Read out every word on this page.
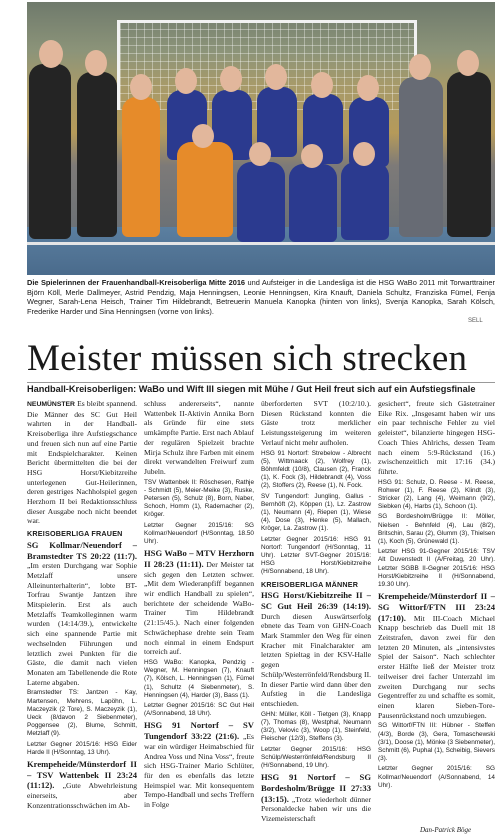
Die Spielerinnen der Frauenhandball-Kreisoberliga Mitte 2016 und Aufsteiger in die Landesliga ist die HSG WaBo 2011 mit Torwarttrainer Björn Köll, Merle Dallmeyer, Astrid Pendzig, Maja Henningsen, Leonie Henningsen, Kira Knauft, Daniela Schultz, Franziska Fümel, Fenja Wegner, Sarah-Lena Heisch, Trainer Tim Hildebrandt, Betreuerin Manuela Kanopka (hinten von links), Svenja Kanopka, Sarah Kölsch, Frederike Harder und Sina Henningsen (vorne von links).
SELL
Meister müssen sich strecken
Handball-Kreisoberligen: WaBo und Wift III siegen mit Mühe / Gut Heil freut sich auf ein Aufstiegsfinale

NEUMÜNSTER Es bleibt spannend. Die Männer des SC Gut Heil wahrten in der Handball-Kreisoberliga ihre Aufstiegschance und freuen sich nun auf eine Partie mit Endspielcharakter. Keinen Bericht übermittelten die bei der HSG Horst/Kiebitzreihe unterlegenen Gut-Heilerinnen, deren gestriges Nachholspiel gegen Herzhorn II bei Redaktionsschluss dieser Ausgabe noch nicht beendet war.

KREISOBERLIGA FRAUEN

SG Kollmar/Neuendorf – Bramstedter TS 20:22 (11:7). „Im ersten Durchgang war Sophie Metzlaff unsere Alleinunterhalterin“, lobte BT-Torfrau Swantje Jantzen ihre Mitspielerin. Erst als auch Metzlaffs Teamkolleginnen warm wurden (14:14/39.), entwickelte sich eine spannende Partie mit wechselnden Führungen und letztlich zwei Punkten für die Gäste, die damit nach vielen Monaten am Tabellenende die Rote Laterne abgaben.

Bramstedter TS: Jantzen - Kay, Martensen, Mehrens, Lapöhn, L. Maczeyzik (2 Tore), S. Maczeyzik (1), Ueck (8/davon 2 Siebenmeter), Poggensee (2), Blume, Schmitt, Metzlaff (9).

Letzter Gegner 2015/16: HSG Eider Harde II (H/Sonntag, 13 Uhr).

Krempeheide/Münsterdorf II – TSV Wattenbek II 23:24 (11:12). „Gute Abwehrleistung einerseits, aber Konzentrationsschwächen im Ab-

schluss andererseits“, nannte Wattenbek II-Aktivin Annika Born als Gründe für eine stets umkämpfte Partie. Erst nach Ablauf der regulären Spielzeit brachte Mirja Schulz ihre Farben mit einem direkt verwandelten Freiwurf zum Jubeln.

TSV Wattenbek II: Röschesen, Rathje - Schmidt (5), Meier-Meike (3), Ruske, Petersen (5), Schulz (8), Born, Naber, Schoch, Homm (1), Rademacher (2), Kröger.

Letzter Gegner 2015/16: SG Kollmar/Neuendorf (H/Sonntag, 18.50 Uhr).

HSG WaBo – MTV Herzhorn II 28:23 (11:11). Der Meister tat sich gegen den Letzten schwer. „Mit dem Wiederanpfiff begannen wir endlich Handball zu spielen“, berichtete der scheidende WaBo-Trainer Tim Hildebrandt (21:15/45.). Nach einer folgenden Schwächephase drehte sein Team noch einmal in einem Endspurt torreich auf.

HSG WaBo: Kanopka, Pendzig - Wegner, M. Henningsen (7), Knauft (7), Kölsch, L. Henningsen (1), Fümel (1), Schultz (4 Siebenmeter), S. Henningsen (4), Harder (3), Bass (1).

Letzter Gegner 2015/16: SC Gut Heil (A/Sonnabend, 18 Uhr).

HSG 91 Nortorf – SV Tungendorf 33:22 (21:6). „Es war ein würdiger Heimabschied für Andrea Voss und Nina Voss“, freute sich HSG-Trainer Mario Schlüter, für den es ebenfalls das letzte Heimspiel war. Mit konsequentem Tempo-Handball und sechs Treffern in Folge

überforderten SVT (10:2/10.). Diesen Rückstand konnten die Gäste trotz merklicher Leistungssteigerung im weiteren Verlauf nicht mehr aufholen.

HSG 91 Nortorf: Strebelow - Albrecht (5), Wittmaack (2), Wolfrey (1), Böhmfeldt (10/8), Clausen (2), Franck (1), K. Fock (3), Hildebrandt (4), Voss (2), Stoffers (2), Reese (1), N. Fock.

SV Tungendorf: Jungling, Gallus - Bernhöft (2), Köppen (1), Lz. Zastrow (1), Neumann (4), Riepen (1), Wiese (4), Dose (3), Henke (5), Mallach, Kröger, La. Zastrow (1).

Letzter Gegner 2015/16: HSG 91 Nortorf: Tungendorf (H/Sonntag, 11 Uhr). Letzter SVT-Gegner 2015/16: HSG Horst/Kiebitzreihe (H/Sonnabend, 18 Uhr).

KREISOBERLIGA MÄNNER

HSG Horst/Kiebitzreihe II – SC Gut Heil 26:39 (14:19). Durch diesen Auswärtserfolg ebnete das Team von GHN-Coach Mark Stammler den Weg für einen Kracher mit Finalcharakter am letzten Spieltag in der KSV-Halle gegen Schülp/Westerrönfeld/Rendsburg II. In dieser Partie wird dann über den Aufstieg in die Landesliga entschieden.

GHN: Müller, Köll - Tietgen (3), Knapp (7), Thomas (8), Westphal, Neumann (3/2), Velovic (3), Woop (1), Steinfeld, Fleischer (12/3), Steffens (3).

Letzter Gegner 2015/16: HSG Schülp/Westerrönfeld/Rendsburg II (H/Sonnabend, 19 Uhr).

HSG 91 Nortorf – SG Bordesholm/Brügge II 27:33 (13:15). „Trotz wiederholt dünner Personaldecke haben wir uns die Vizemeisterschaft

gesichert“, freute sich Gästetrainer Eike Rix. „Insgesamt haben wir uns ein paar technische Fehler zu viel geleistet“, bilanzierte hingegen HSG-Coach Thies Ahlrichs, dessen Team nach einem 5:9-Rückstand (16.) zwischenzeitlich mit 17:16 (34.) führte.

HSG 91: Schulz, D. Reese - M. Reese, Rohwer (1), F. Reese (2), Klindt (3), Stricker (2), Lang (4), Weimann (9/2), Siebken (4), Harbs (1), Schoon (1).

SG Bordesholm/Brügge II: Möller, Nielsen - Behnfeld (4), Lau (8/2), Britschin, Sarau (2), Glumm (3), Thielsen (1), Koch (5), Grünewald (1).

Letzter HSG 91-Gegner 2015/16: TSV Alt Duvenstedt II (A/Freitag, 20 Uhr). Letzter SGBB II-Gegner 2015/16: HSG Horst/Kiebitzreihe II (H/Sonnabend, 19.30 Uhr).

Krempeheide/Münsterdorf II – SG Wittorf/FTN III 23:24 (17:10). Mit III-Coach Michael Knapp beschrieb das Duell mit 18 Zeitstrafen, davon zwei für den letzten 20 Minuten, als „intensivstes Spiel der Saison“. Nach schlechter erster Hälfte ließ der Meister trotz teilweiser drei facher Unterzahl im zweiten Durchgang nur sechs Gegentreffer zu und schaffte es somit, einen klaren Sieben-Tore-Pausenrückstand noch umzubiegen.

SG Wittorf/FTN III: Hübner - Steffen (4/3), Borde (3), Gera, Tomaschewski (3/1), Doose (1), Mönke (3 Siebenmeter), Schmitt (6), Puphal (1), Scheibig, Sievers (3).

Letzter Gegner 2015/16: SG Kollmar/Neuendorf (A/Sonnabend, 14 Uhr).

Dan-Patrick Böge
